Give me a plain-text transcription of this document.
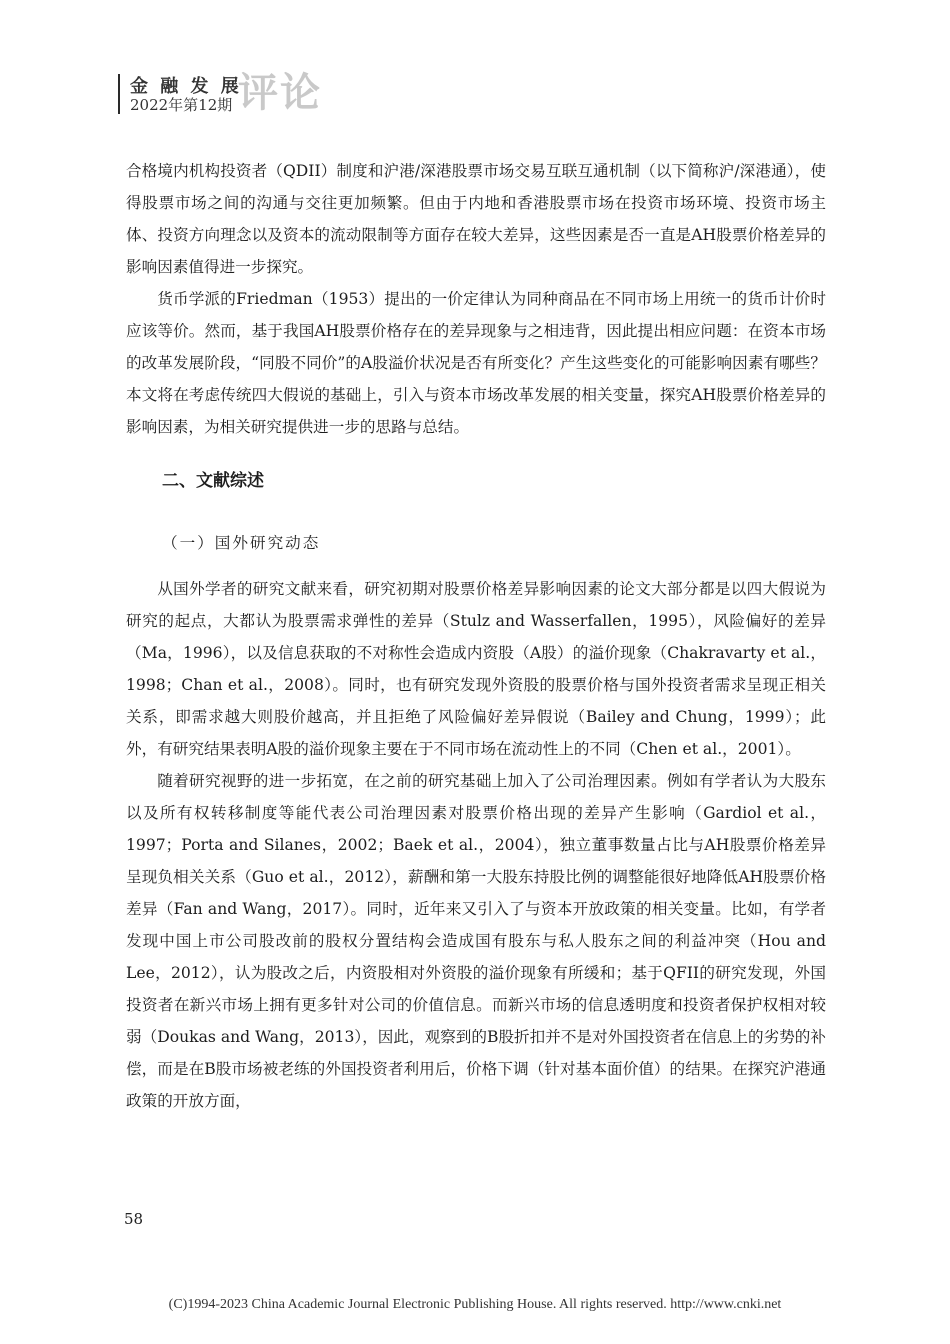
金 融 发 展
2022年第12期 评论

合格境内机构投资者（QDII）制度和沪港/深港股票市场交易互联互通机制（以下简称沪/深港通），使得股票市场之间的沟通与交往更加频繁。但由于内地和香港股票市场在投资市场环境、投资市场主体、投资方向理念以及资本的流动限制等方面存在较大差异，这些因素是否一直是AH股票价格差异的影响因素值得进一步探究。

货币学派的Friedman（1953）提出的一价定律认为同种商品在不同市场上用统一的货币计价时应该等价。然而，基于我国AH股票价格存在的差异现象与之相违背，因此提出相应问题：在资本市场的改革发展阶段，“同股不同价”的A股溢价状况是否有所变化？产生这些变化的可能影响因素有哪些？本文将在考虑传统四大假说的基础上，引入与资本市场改革发展的相关变量，探究AH股票价格差异的影响因素，为相关研究提供进一步的思路与总结。

二、文献综述
（一）国外研究动态

从国外学者的研究文献来看，研究初期对股票价格差异影响因素的论文大部分都是以四大假说为研究的起点，大都认为股票需求弹性的差异（Stulz and Wasserfallen，1995），风险偏好的差异（Ma，1996），以及信息获取的不对称性会造成内资股（A股）的溢价现象（Chakravarty et al.，1998；Chan et al.，2008）。同时，也有研究发现外资股的股票价格与国外投资者需求呈现正相关关系，即需求越大则股价越高，并且拒绝了风险偏好差异假说（Bailey and Chung，1999）；此外，有研究结果表明A股的溢价现象主要在于不同市场在流动性上的不同（Chen et al.，2001）。

随着研究视野的进一步拓宽，在之前的研究基础上加入了公司治理因素。例如有学者认为大股东以及所有权转移制度等能代表公司治理因素对股票价格出现的差异产生影响（Gardiol et al.，1997；Porta and Silanes，2002；Baek et al.，2004），独立董事数量占比与AH股票价格差异呈现负相关关系（Guo et al.，2012），薪酬和第一大股东持股比例的调整能很好地降低AH股票价格差异（Fan and Wang，2017）。同时，近年来又引入了与资本开放政策的相关变量。比如，有学者发现中国上市公司股改前的股权分置结构会造成国有股东与私人股东之间的利益冲突（Hou and Lee，2012），认为股改之后，内资股相对外资股的溢价现象有所缓和；基于QFII的研究发现，外国投资者在新兴市场上拥有更多针对公司的价值信息。而新兴市场的信息透明度和投资者保护权相对较弱（Doukas and Wang，2013），因此，观察到的B股折扣并不是对外国投资者在信息上的劣势的补偿，而是在B股市场被老练的外国投资者利用后，价格下调（针对基本面价值）的结果。在探究沪港通政策的开放方面，

58
(C)1994-2023 China Academic Journal Electronic Publishing House. All rights reserved. http://www.cnki.net
